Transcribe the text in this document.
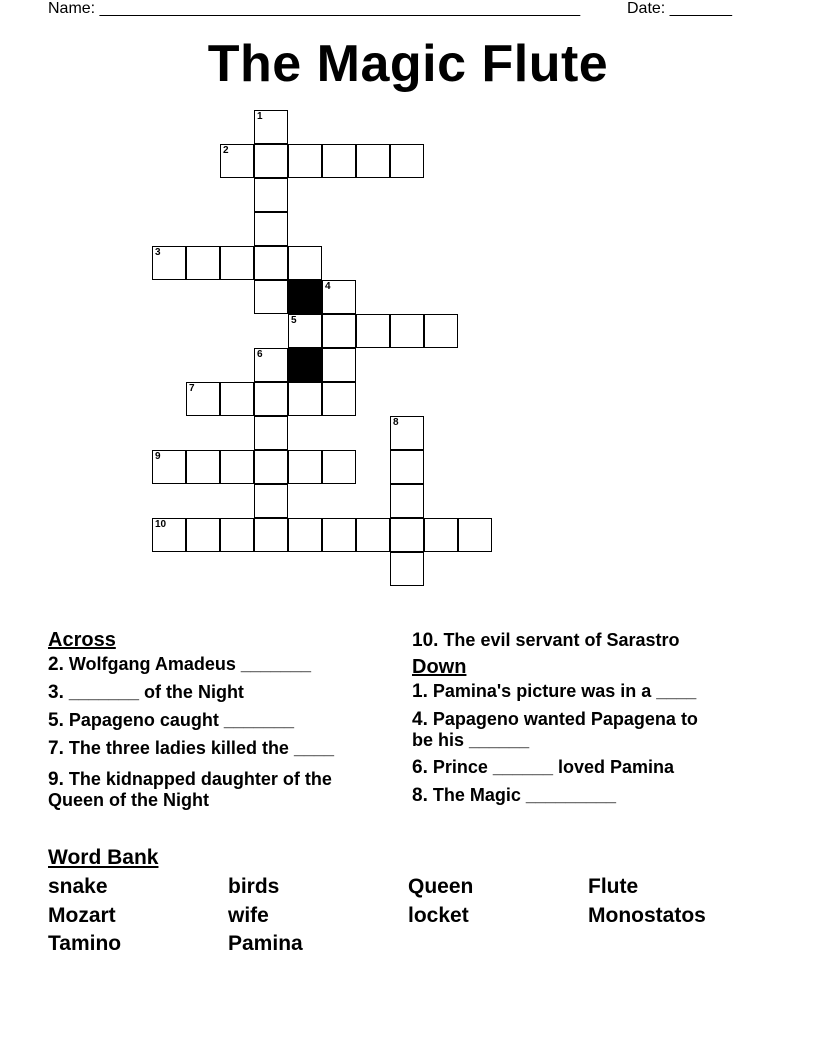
Name: ______________________________________________________	Date: _______
The Magic Flute
1
2
3
4
5
6
7
8
9
10
Across
2. Wolfgang Amadeus _______
3. _______ of the Night
5. Papageno caught _______
7. The three ladies killed the ____
9. The kidnapped daughter of the Queen of the Night
10. The evil servant of Sarastro
Down
1. Pamina's picture was in a ____
4. Papageno wanted Papagena to be his ______
6. Prince ______ loved Pamina
8. The Magic _________
Word Bank
snake	birds	Queen	Flute
Mozart	wife	locket	Monostatos
Tamino	Pamina
